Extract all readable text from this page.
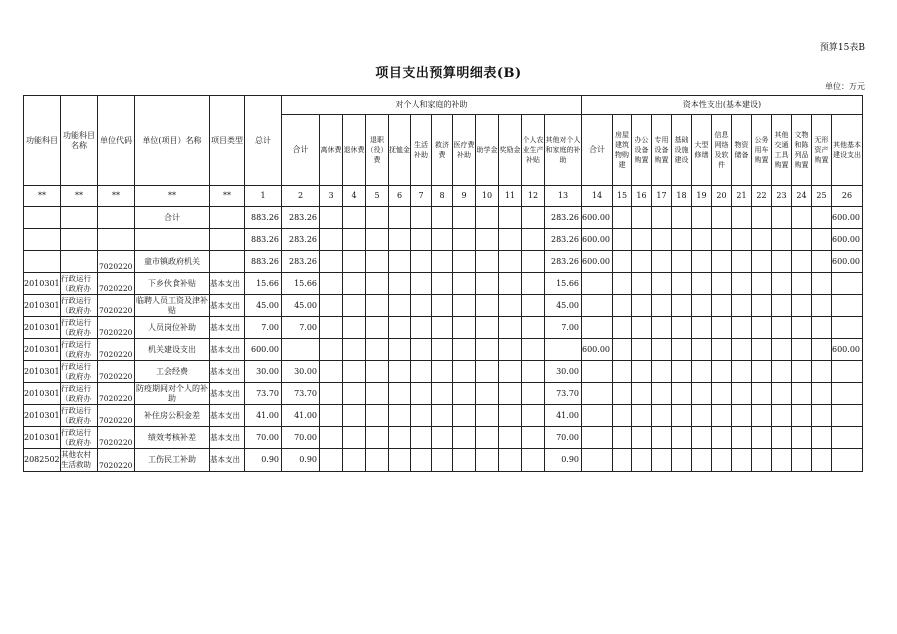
预算15表B
项目支出预算明细表(B)
单位：万元
功能科目	功能科目名称	单位代码	单位(项目）名称	项目类型	总计	对个人和家庭的补助												资本性支出(基本建设)												
						合计	离休费	退休费	退职（役）费	抚恤金	生活补助	救济费	医疗费补助	助学金	奖励金	个人农业生产补贴	其他对个人和家庭的补助	合计	房屋建筑物购建	办公设备购置	专用设备购置	基础设施建设	大型修缮	信息网络及软件	物资储备	公务用车购置	其他交通工具购置	文物和陈列品购置	无形资产购置	其他基本建设支出
**	**	**	**	**	1	2	3	4	5	6	7	8	9	10	11	12	13	14	15	16	17	18	19	20	21	22	23	24	25	26
			合计		883.26	283.26											283.26	600.00												600.00
					883.26	283.26											283.26	600.00												600.00
		7020220	童市镇政府机关		883.26	283.26											283.26	600.00												600.00
2010301	行政运行（政府办	7020220	下乡伙食补贴	基本支出	15.66	15.66											15.66													
2010301	行政运行（政府办	7020220	临聘人员工资及津补贴	基本支出	45.00	45.00											45.00													
2010301	行政运行（政府办	7020220	人员岗位补助	基本支出	7.00	7.00											7.00													
2010301	行政运行（政府办	7020220	机关建设支出	基本支出	600.00													600.00												600.00
2010301	行政运行（政府办	7020220	工会经费	基本支出	30.00	30.00											30.00													
2010301	行政运行（政府办	7020220	防疫期间对个人的补助	基本支出	73.70	73.70											73.70													
2010301	行政运行（政府办	7020220	补住房公积金差	基本支出	41.00	41.00											41.00													
2010301	行政运行（政府办	7020220	绩效考核补差	基本支出	70.00	70.00											70.00													
2082502	其他农村生活救助	7020220	工伤民工补助	基本支出	0.90	0.90											0.90													
